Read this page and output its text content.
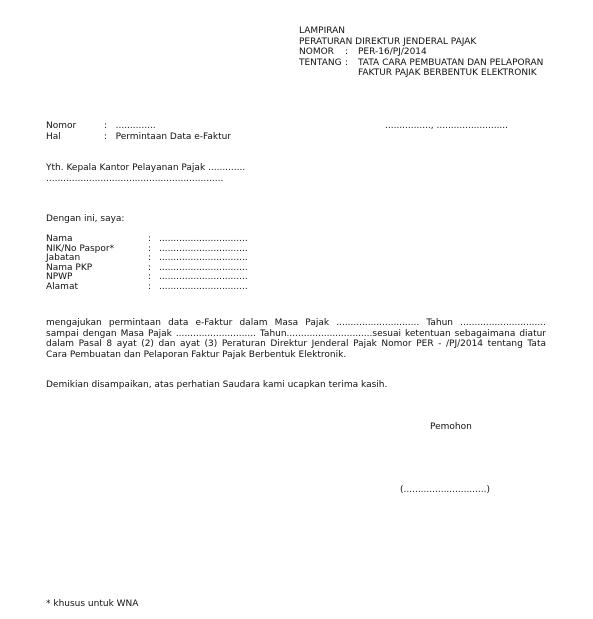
LAMPIRAN
PERATURAN DIREKTUR JENDERAL PAJAK
NOMOR	:	PER-16/PJ/2014
TENTANG :	TATA CARA PEMBUATAN DAN PELAPORAN
FAKTUR PAJAK BERBENTUK ELEKTRONIK
Nomor	:   ..............	................, .........................
Hal	:   Permintaan Data e-Faktur
Yth. Kepala Kantor Pelayanan Pajak .............
..............................................................
Dengan ini, saya:
Nama	: ...............................
NIK/No Paspor*	: ...............................
Jabatan	: ...............................
Nama PKP	: ...............................
NPWP	: ...............................
Alamat	: ...............................
mengajukan permintaan data e-Faktur dalam Masa Pajak ............................. Tahun ..............................
sampai dengan Masa Pajak ............................ Tahun..............................sesuai ketentuan sebagaimana diatur
dalam Pasal 8 ayat (2) dan ayat (3) Peraturan Direktur Jenderal Pajak Nomor PER - /PJ/2014 tentang Tata
Cara Pembuatan dan Pelaporan Faktur Pajak Berbentuk Elektronik.
Demikian disampaikan, atas perhatian Saudara kami ucapkan terima kasih.
Pemohon
(.............................)
* khusus untuk WNA
